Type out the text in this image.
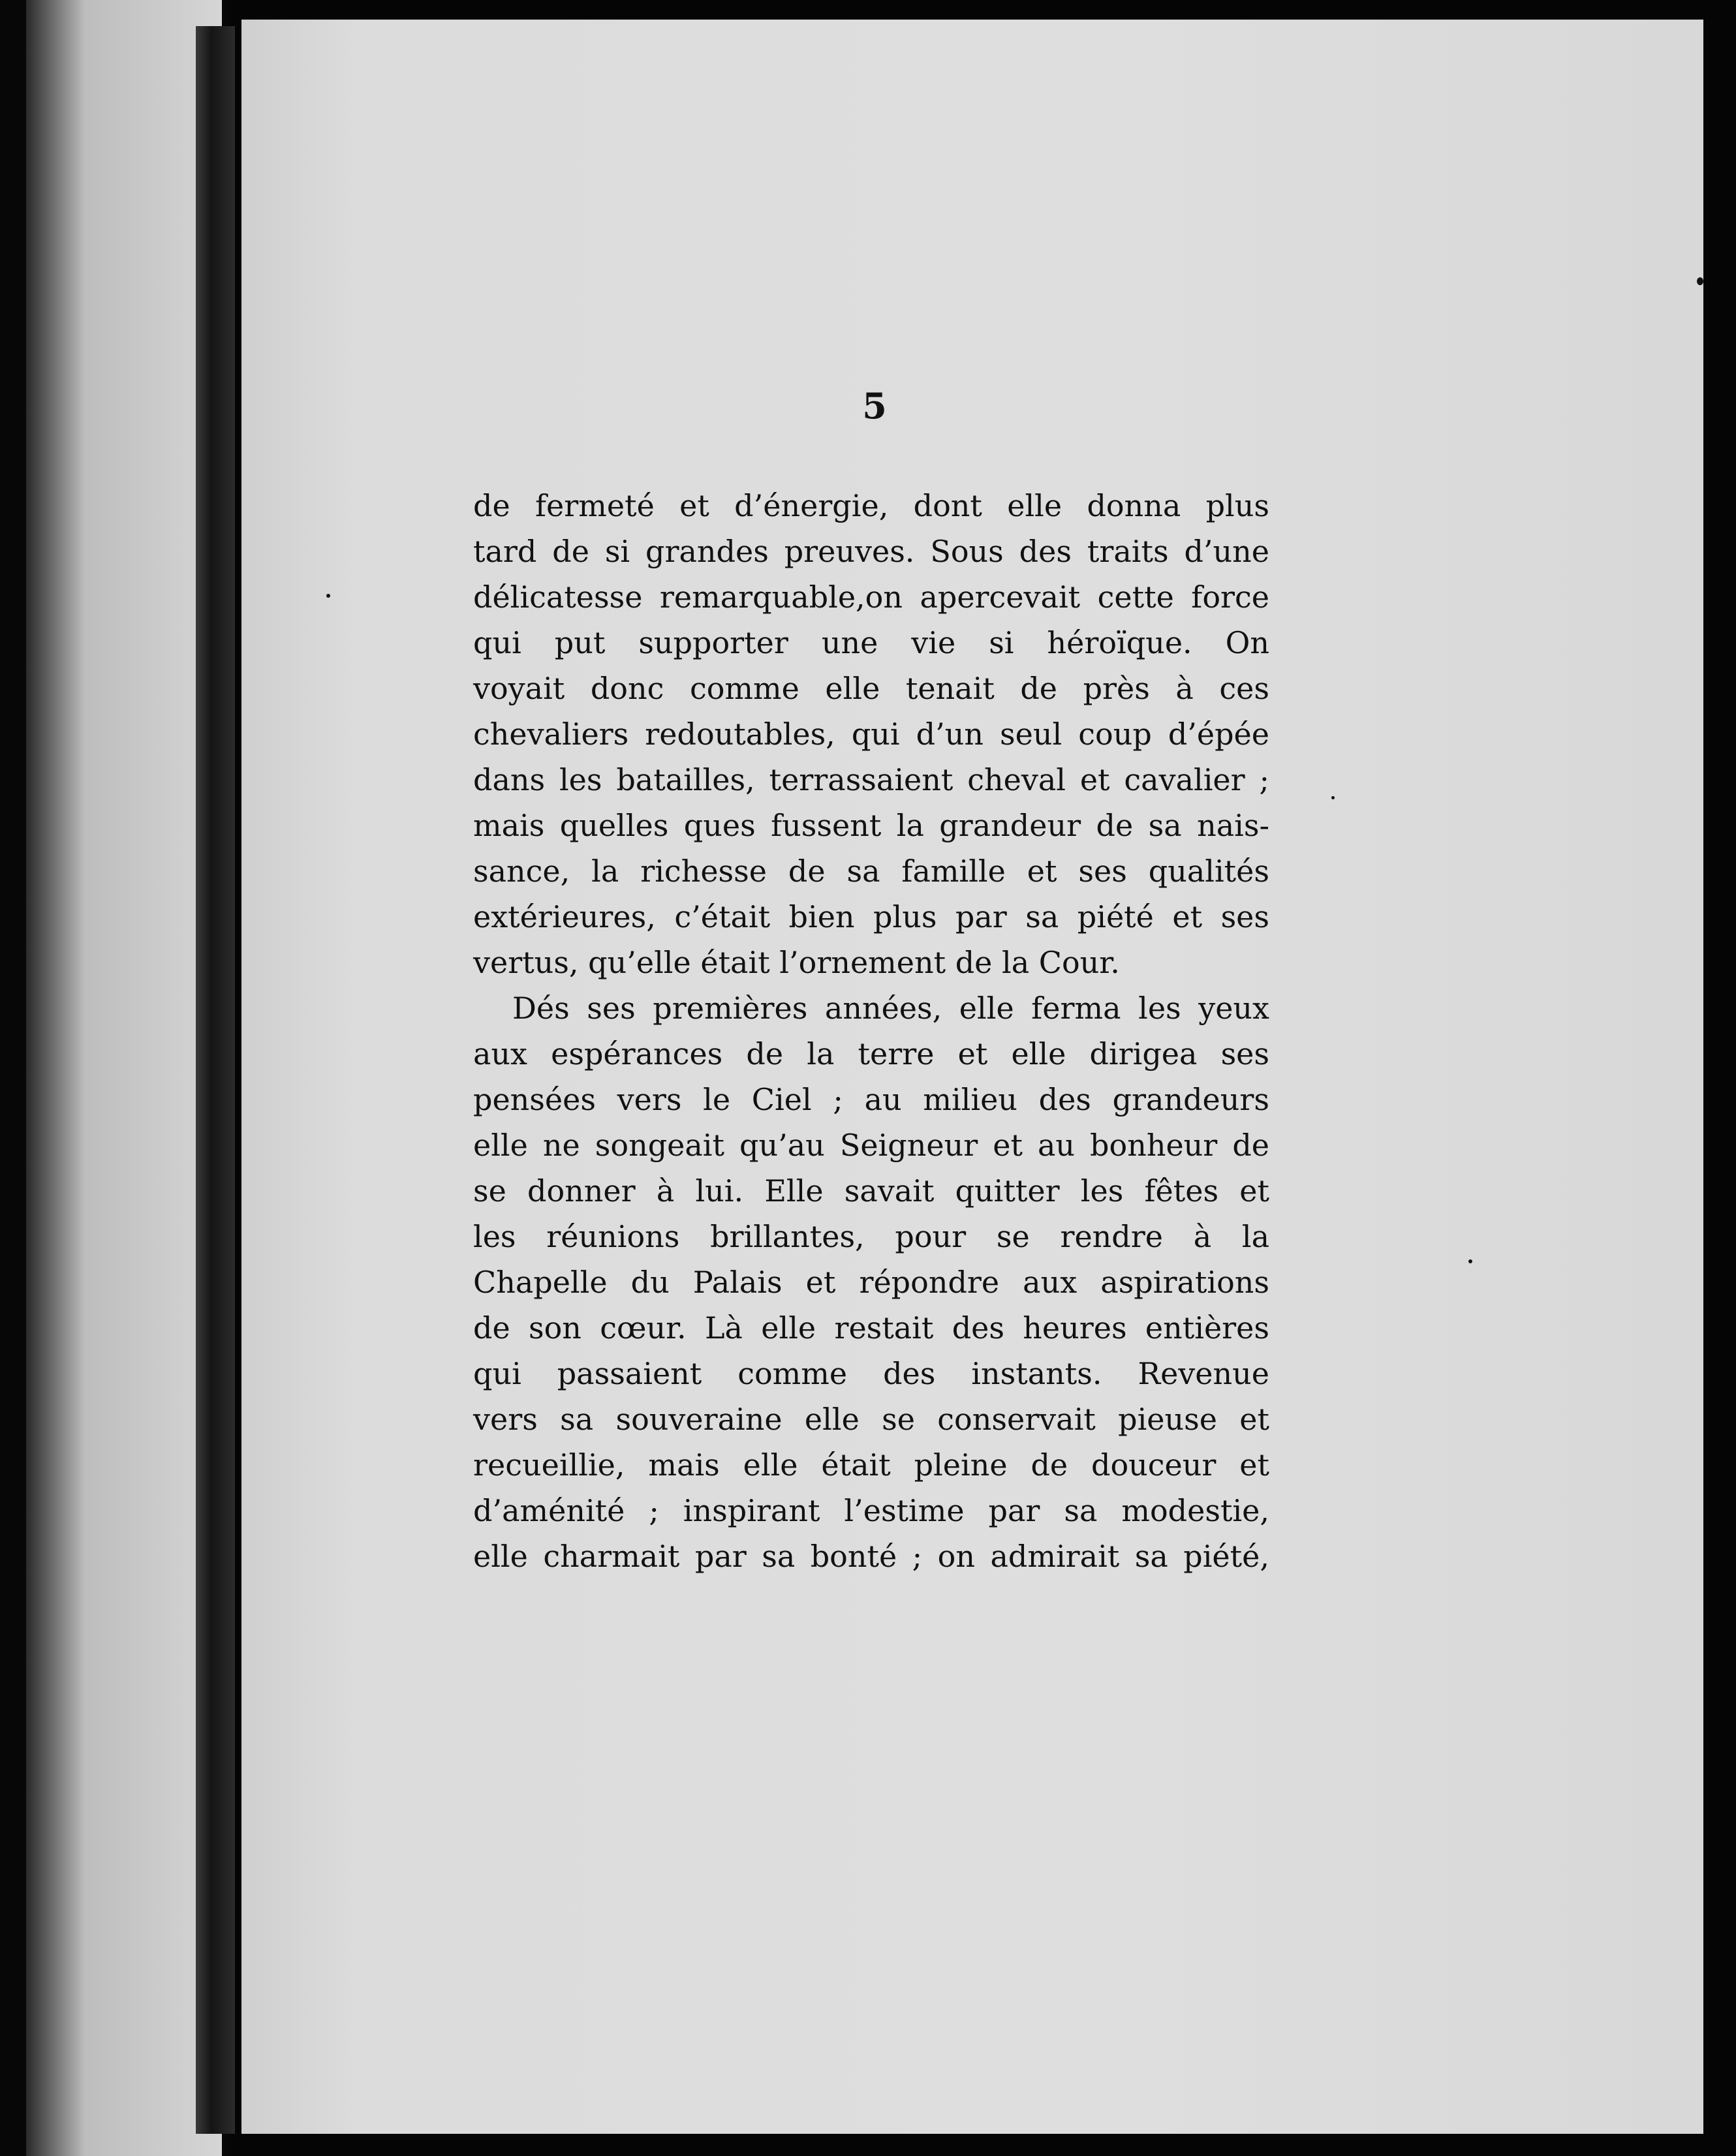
5
de fermeté et d’énergie, dont elle donna plus
tard de si grandes preuves. Sous des traits d’une
délicatesse remarquable,on apercevait cette force
qui put supporter une vie si héroïque. On
voyait donc comme elle tenait de près à ces
chevaliers redoutables, qui d’un seul coup d’épée
dans les batailles, terrassaient cheval et cavalier ;
mais quelles ques fussent la grandeur de sa nais-
sance, la richesse de sa famille et ses qualités
extérieures, c’était bien plus par sa piété et ses
vertus, qu’elle était l’ornement de la Cour.
Dés ses premières années, elle ferma les yeux
aux espérances de la terre et elle dirigea ses
pensées vers le Ciel ; au milieu des grandeurs
elle ne songeait qu’au Seigneur et au bonheur de
se donner à lui. Elle savait quitter les fêtes et
les réunions brillantes, pour se rendre à la
Chapelle du Palais et répondre aux aspirations
de son cœur. Là elle restait des heures entières
qui passaient comme des instants. Revenue
vers sa souveraine elle se conservait pieuse et
recueillie, mais elle était pleine de douceur et
d’aménité ; inspirant l’estime par sa modestie,
elle charmait par sa bonté ; on admirait sa piété,
